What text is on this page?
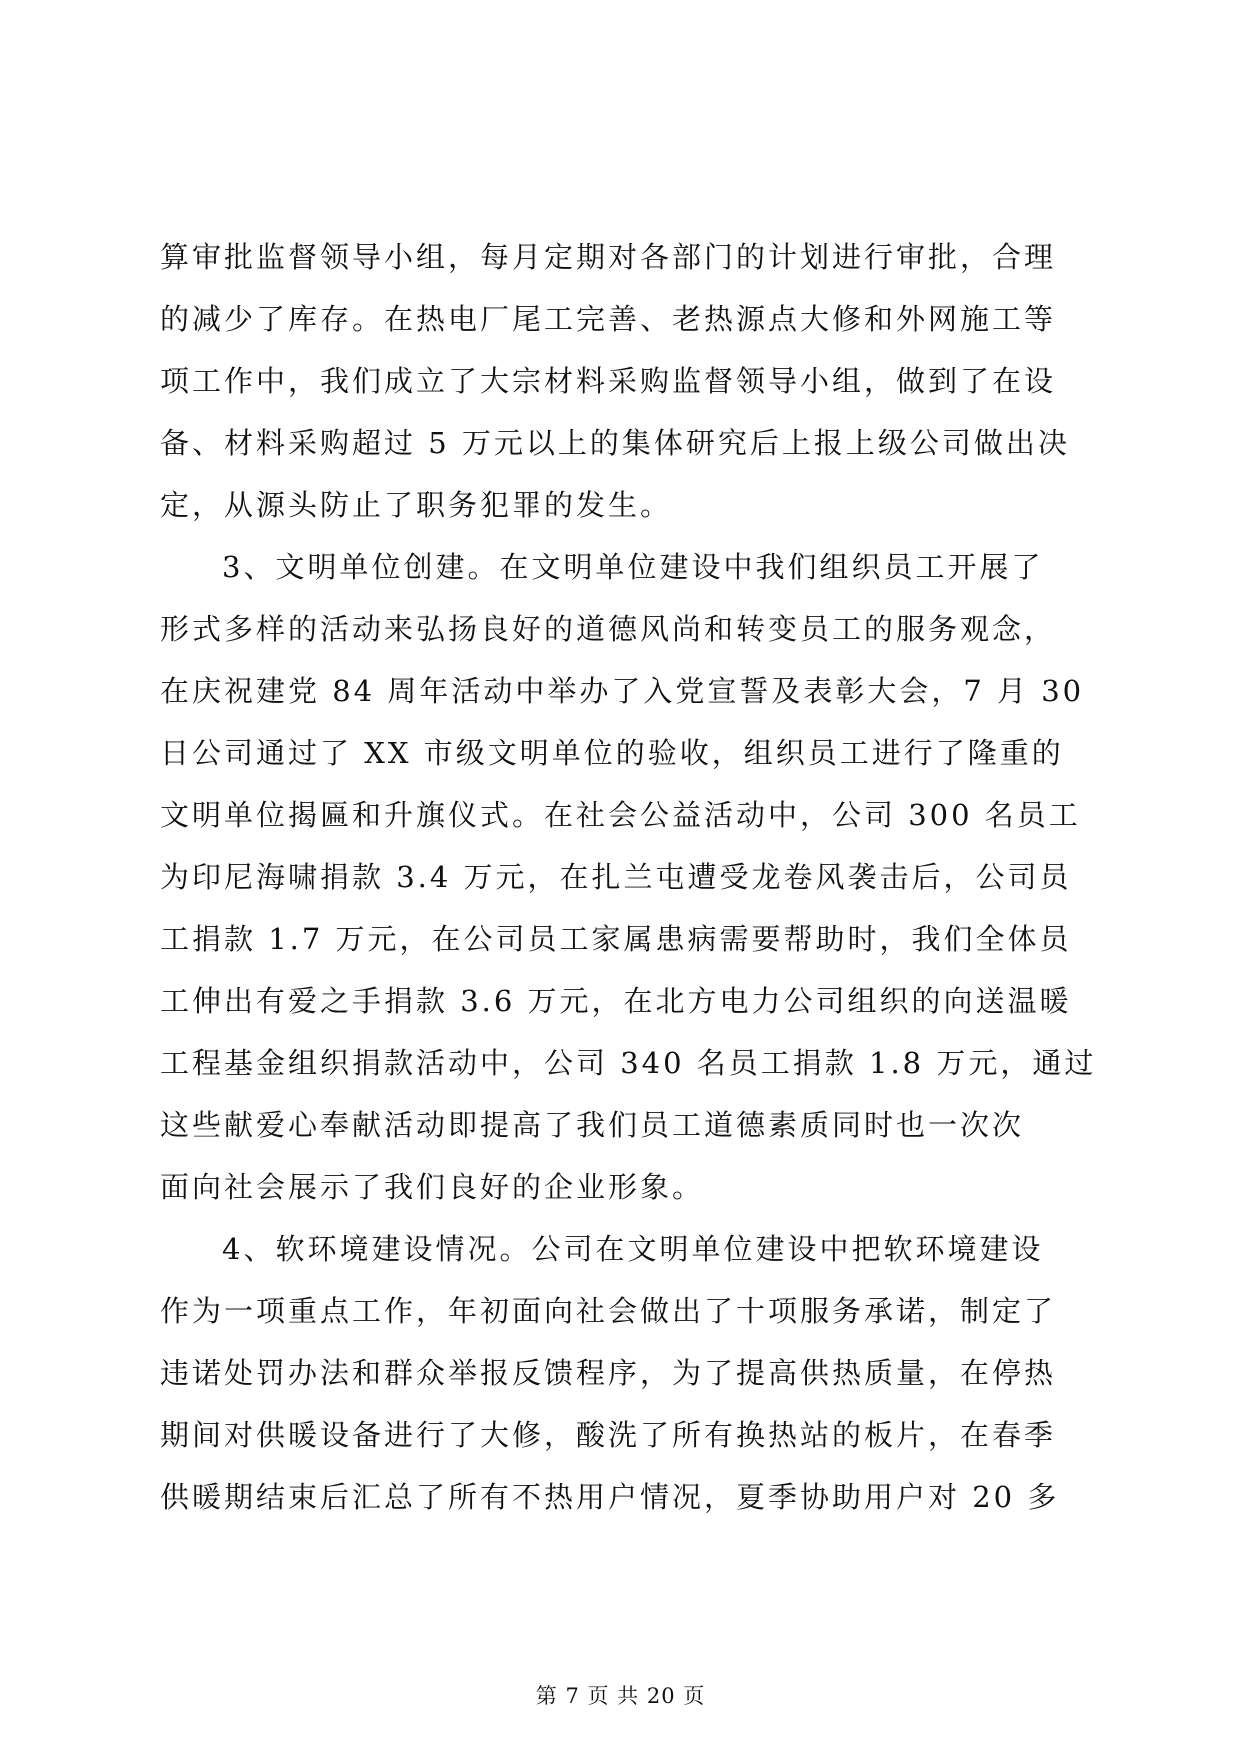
算审批监督领导小组，每月定期对各部门的计划进行审批，合理
的减少了库存。在热电厂尾工完善、老热源点大修和外网施工等
项工作中，我们成立了大宗材料采购监督领导小组，做到了在设
备、材料采购超过 5 万元以上的集体研究后上报上级公司做出决
定，从源头防止了职务犯罪的发生。
3、文明单位创建。在文明单位建设中我们组织员工开展了
形式多样的活动来弘扬良好的道德风尚和转变员工的服务观念，
在庆祝建党 84 周年活动中举办了入党宣誓及表彰大会，7 月 30
日公司通过了 XX 市级文明单位的验收，组织员工进行了隆重的
文明单位揭匾和升旗仪式。在社会公益活动中，公司 300 名员工
为印尼海啸捐款 3.4 万元，在扎兰屯遭受龙卷风袭击后，公司员
工捐款 1.7 万元，在公司员工家属患病需要帮助时，我们全体员
工伸出有爱之手捐款 3.6 万元，在北方电力公司组织的向送温暖
工程基金组织捐款活动中，公司 340 名员工捐款 1.8 万元，通过
这些献爱心奉献活动即提高了我们员工道德素质同时也一次次
面向社会展示了我们良好的企业形象。
4、软环境建设情况。公司在文明单位建设中把软环境建设
作为一项重点工作，年初面向社会做出了十项服务承诺，制定了
违诺处罚办法和群众举报反馈程序，为了提高供热质量，在停热
期间对供暖设备进行了大修，酸洗了所有换热站的板片，在春季
供暖期结束后汇总了所有不热用户情况，夏季协助用户对 20 多
第 7 页 共 20 页
